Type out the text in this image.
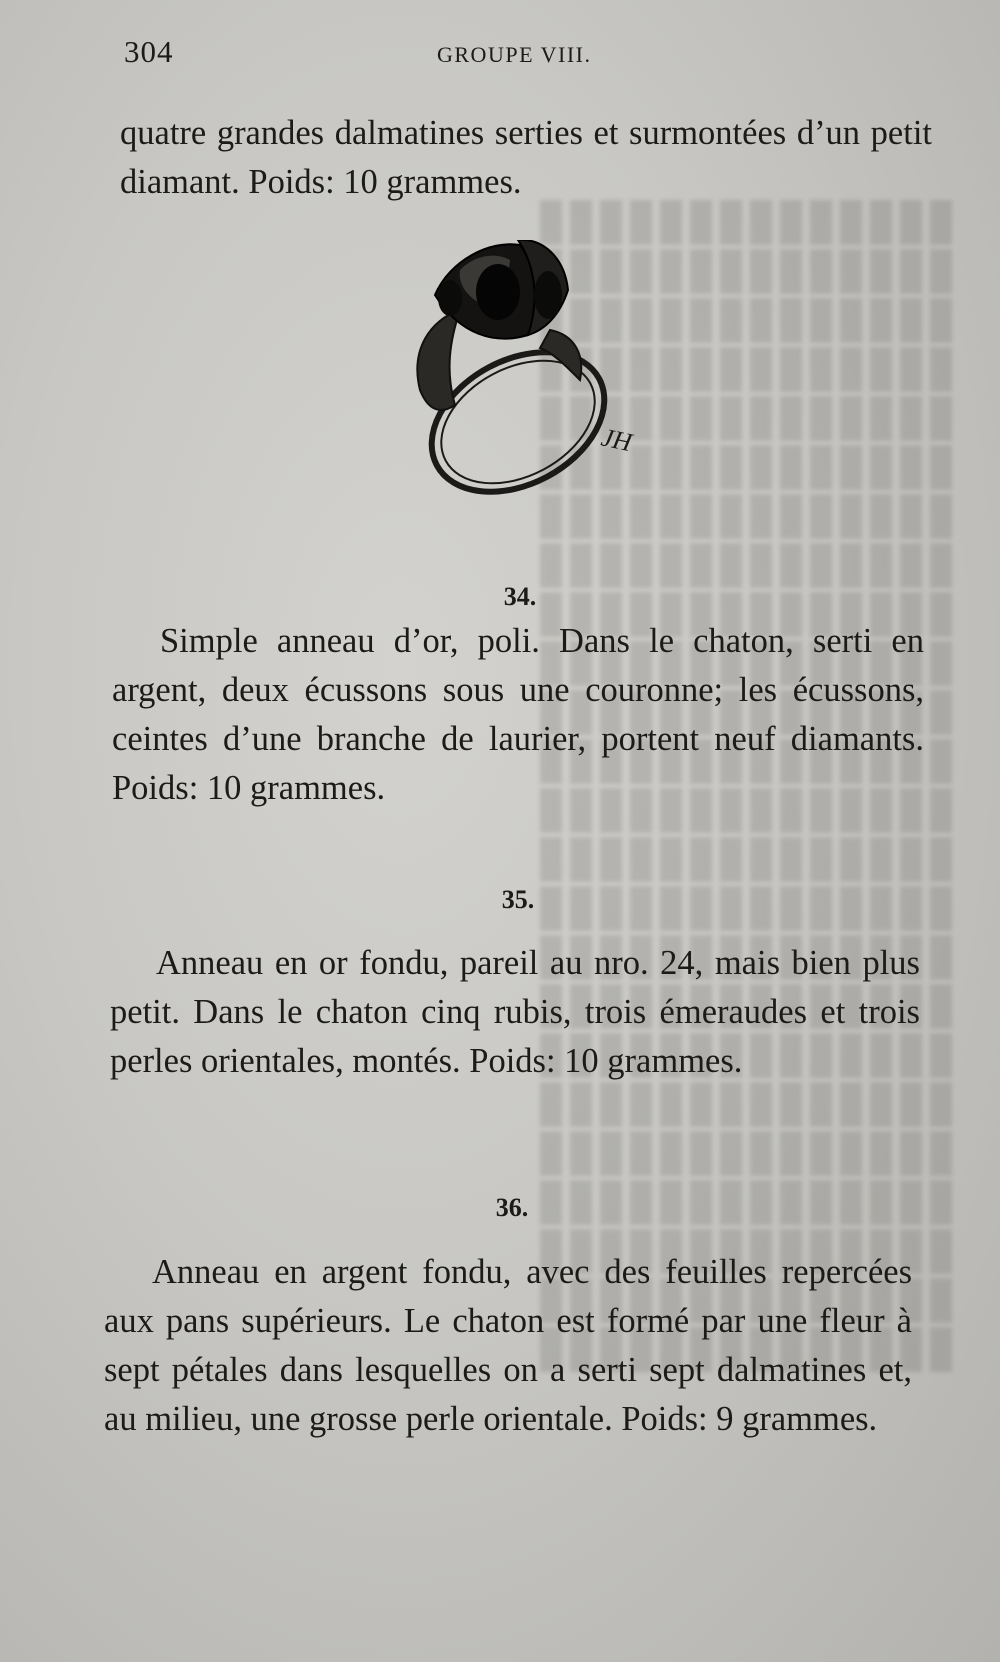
304	GROUPE VIII.

quatre grandes dalmatines serties et surmontées d’un petit diamant. Poids: 10 grammes.

JH
34.

Simple anneau d’or, poli. Dans le chaton, serti en argent, deux écussons sous une couronne; les écussons, ceintes d’une branche de laurier, portent neuf diamants. Poids: 10 grammes.

35.

Anneau en or fondu, pareil au nro. 24, mais bien plus petit. Dans le chaton cinq rubis, trois émeraudes et trois perles orientales, montés. Poids: 10 grammes.

36.

Anneau en argent fondu, avec des feuilles repercées aux pans supérieurs. Le chaton est formé par une fleur à sept pétales dans lesquelles on a serti sept dalmatines et, au milieu, une grosse perle orientale. Poids: 9 grammes.
